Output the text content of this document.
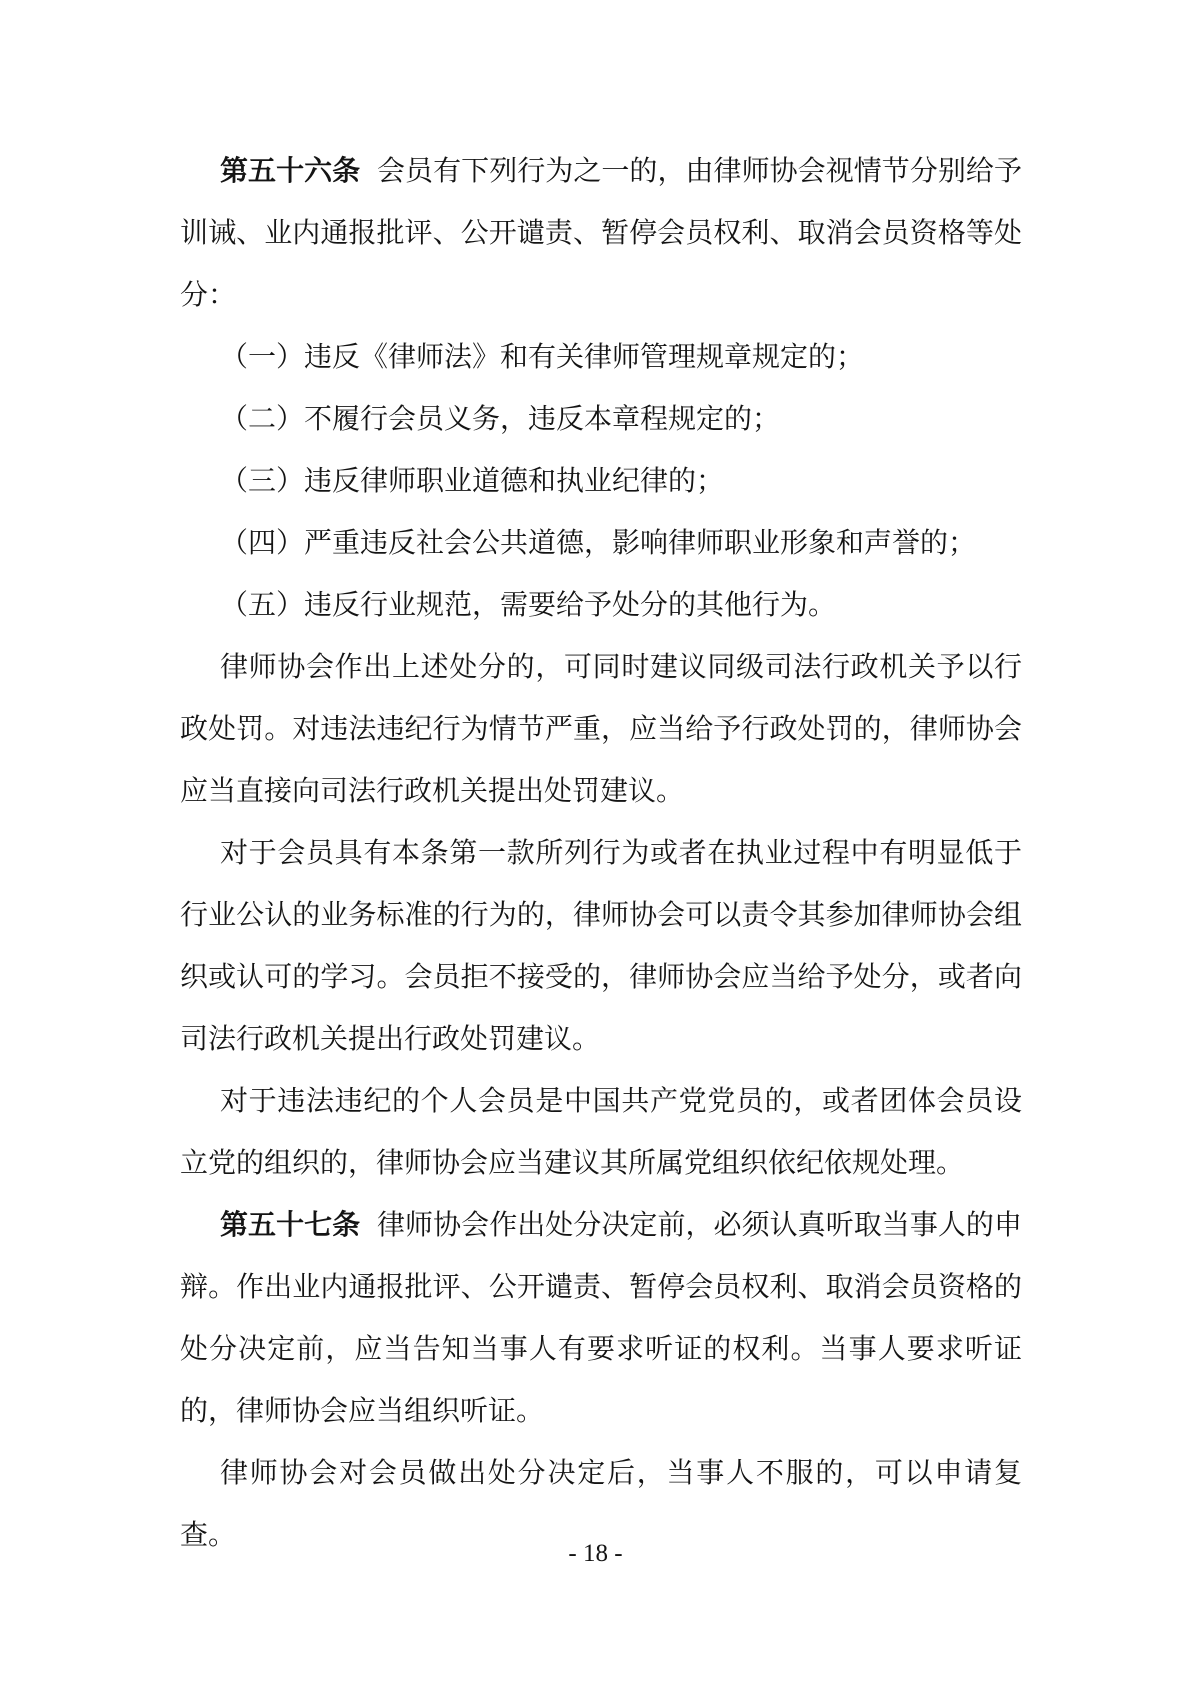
第五十六条 会员有下列行为之一的，由律师协会视情节分别给予训诫、业内通报批评、公开谴责、暂停会员权利、取消会员资格等处分：

（一）违反《律师法》和有关律师管理规章规定的；

（二）不履行会员义务，违反本章程规定的；

（三）违反律师职业道德和执业纪律的；

（四）严重违反社会公共道德，影响律师职业形象和声誉的；

（五）违反行业规范，需要给予处分的其他行为。

律师协会作出上述处分的，可同时建议同级司法行政机关予以行政处罚。对违法违纪行为情节严重，应当给予行政处罚的，律师协会应当直接向司法行政机关提出处罚建议。

对于会员具有本条第一款所列行为或者在执业过程中有明显低于行业公认的业务标准的行为的，律师协会可以责令其参加律师协会组织或认可的学习。会员拒不接受的，律师协会应当给予处分，或者向司法行政机关提出行政处罚建议。

对于违法违纪的个人会员是中国共产党党员的，或者团体会员设立党的组织的，律师协会应当建议其所属党组织依纪依规处理。

第五十七条 律师协会作出处分决定前，必须认真听取当事人的申辩。作出业内通报批评、公开谴责、暂停会员权利、取消会员资格的处分决定前，应当告知当事人有要求听证的权利。当事人要求听证的，律师协会应当组织听证。

律师协会对会员做出处分决定后，当事人不服的，可以申请复查。

- 18 -
